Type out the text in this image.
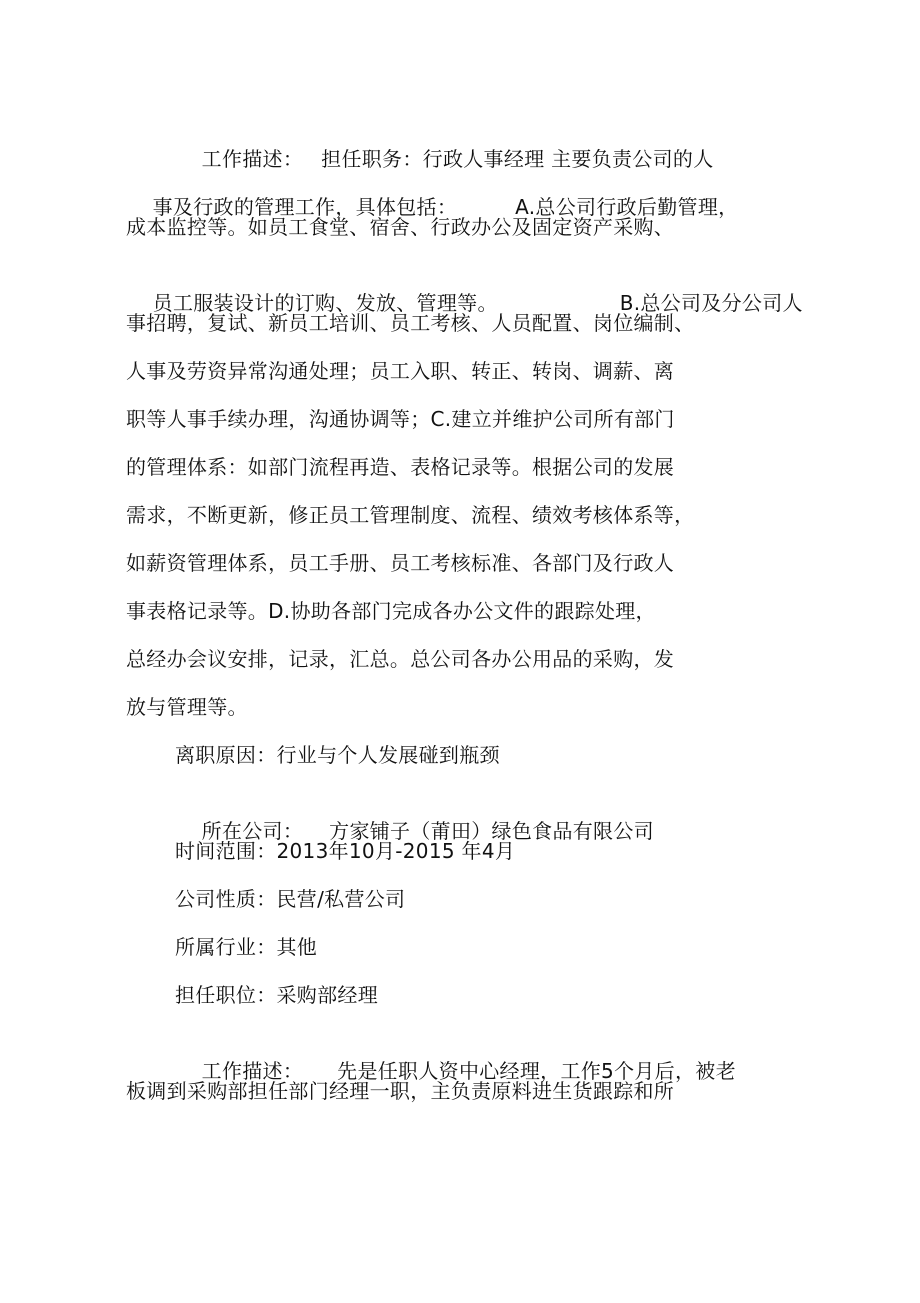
工作描述： 担任职务：行政人事经理 主要负责公司的人

事及行政的管理工作，具体包括：	A.总公司行政后勤管理，

成本监控等。如员工食堂、宿舍、行政办公及固定资产采购、

员工服装设计的订购、发放、管理等。	B.总公司及分公司人

事招聘，复试、新员工培训、员工考核、人员配置、岗位编制、
人事及劳资异常沟通处理；员工入职、转正、转岗、调薪、离
职等人事手续办理，沟通协调等；C.建立并维护公司所有部门
的管理体系：如部门流程再造、表格记录等。根据公司的发展
需求，不断更新，修正员工管理制度、流程、绩效考核体系等，
如薪资管理体系，员工手册、员工考核标准、各部门及行政人
事表格记录等。D.协助各部门完成各办公文件的跟踪处理，
总经办会议安排，记录，汇总。总公司各办公用品的采购，发
放与管理等。
离职原因：行业与个人发展碰到瓶颈

所在公司： 方家铺子（莆田）绿色食品有限公司

时间范围：2013年10月-2015 年4月
公司性质：民营/私营公司
所属行业：其他
担任职位：采购部经理

工作描述： 先是任职人资中心经理，工作5个月后，被老

板调到采购部担任部门经理一职，主负责原料进生货跟踪和所
